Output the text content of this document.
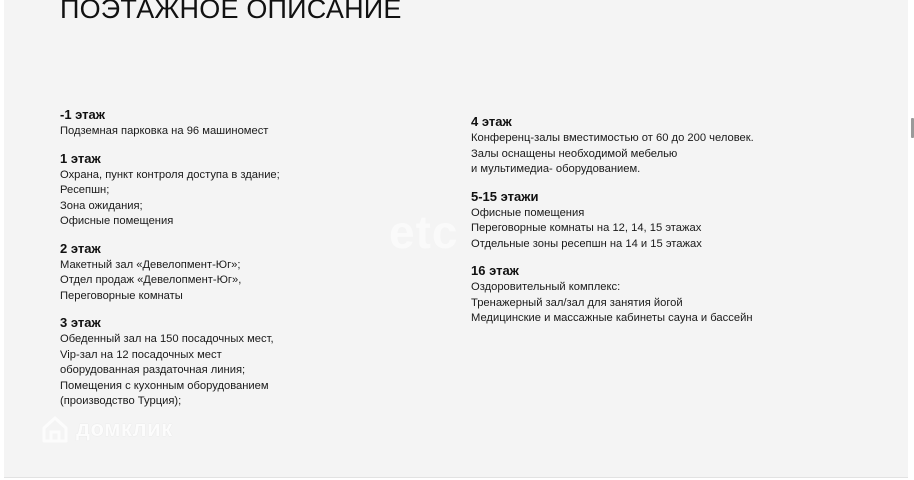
ПОЭТАЖНОЕ ОПИСАНИЕ
-1 этаж
Подземная парковка на 96 машиномест
1 этаж
Охрана, пункт контроля доступа в здание;
Ресепшн;
Зона ожидания;
Офисные помещения
2 этаж
Макетный зал «Девелопмент-Юг»;
Отдел продаж «Девелопмент-Юг»,
Переговорные комнаты
3 этаж
Обеденный зал на 150 посадочных мест,
Vip-зал на 12 посадочных мест
оборудованная раздаточная линия;
Помещения с кухонным оборудованием
(производство Турция);
4 этаж
Конференц-залы вместимостью от 60 до 200 человек.
Залы оснащены необходимой мебелью
и мультимедиа- оборудованием.
5-15 этажи
Офисные помещения
Переговорные комнаты на 12, 14, 15 этажах
Отдельные зоны ресепшн на 14 и 15 этажах
16 этаж
Оздоровительный комплекс:
Тренажерный зал/зал для занятия йогой
Медицинские и массажные кабинеты сауна и бассейн
etc
домклик
